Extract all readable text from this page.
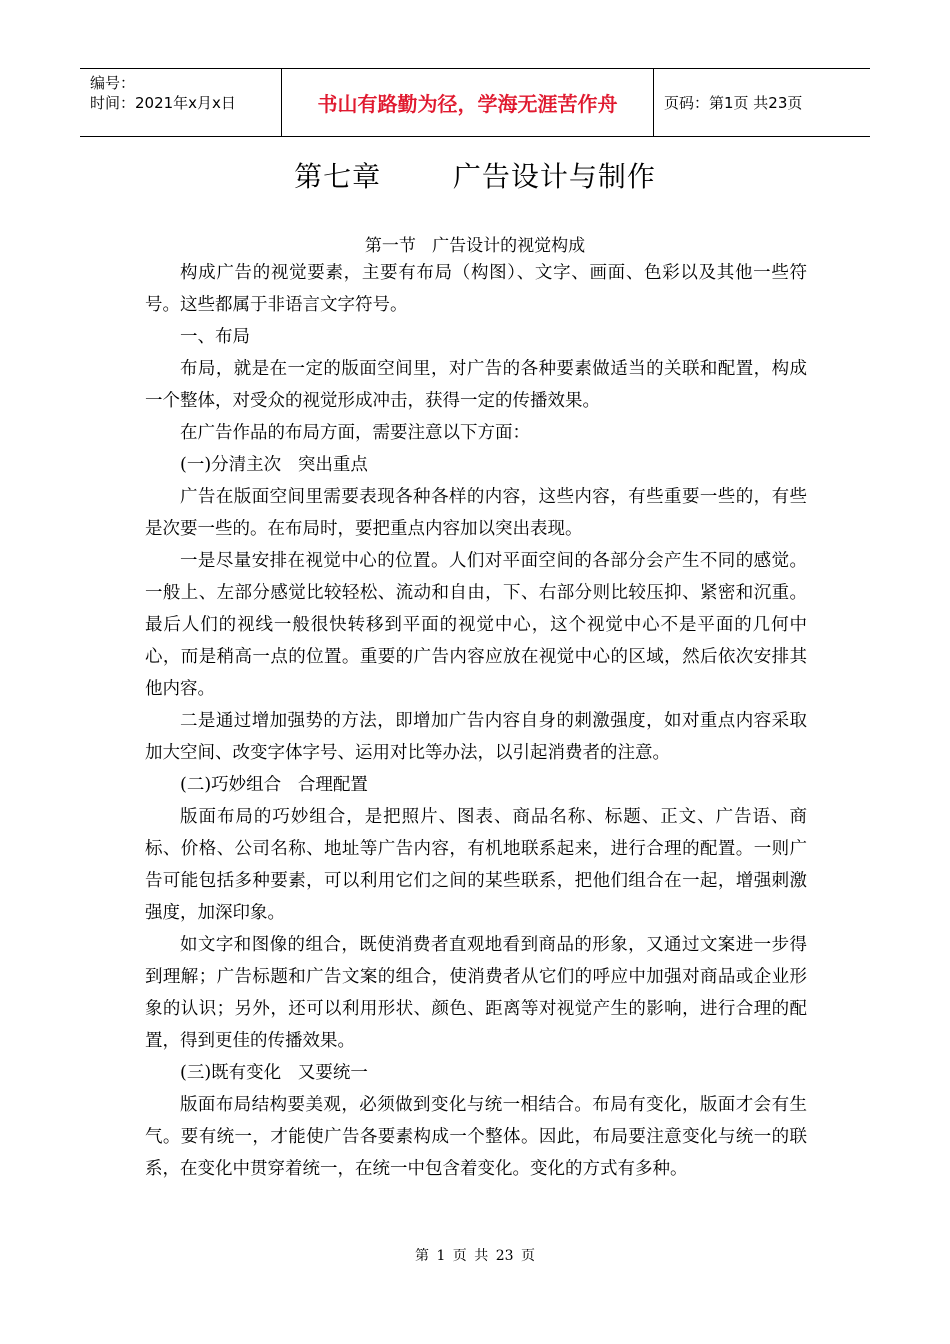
编号：
时间：2021年x月x日	书山有路勤为径，学海无涯苦作舟	页码：第1页 共23页
第七章   广告设计与制作
第一节   广告设计的视觉构成

构成广告的视觉要素，主要有布局（构图）、文字、画面、色彩以及其他一些符号。这些都属于非语言文字符号。

一、布局

布局，就是在一定的版面空间里，对广告的各种要素做适当的关联和配置，构成一个整体，对受众的视觉形成冲击，获得一定的传播效果。

在广告作品的布局方面，需要注意以下方面：

(一)分清主次   突出重点

广告在版面空间里需要表现各种各样的内容，这些内容，有些重要一些的，有些是次要一些的。在布局时，要把重点内容加以突出表现。

一是尽量安排在视觉中心的位置。人们对平面空间的各部分会产生不同的感觉。一般上、左部分感觉比较轻松、流动和自由，下、右部分则比较压抑、紧密和沉重。最后人们的视线一般很快转移到平面的视觉中心，这个视觉中心不是平面的几何中心，而是稍高一点的位置。重要的广告内容应放在视觉中心的区域，然后依次安排其他内容。

二是通过增加强势的方法，即增加广告内容自身的刺激强度，如对重点内容采取加大空间、改变字体字号、运用对比等办法，以引起消费者的注意。

(二)巧妙组合   合理配置

版面布局的巧妙组合，是把照片、图表、商品名称、标题、正文、广告语、商标、价格、公司名称、地址等广告内容，有机地联系起来，进行合理的配置。一则广告可能包括多种要素，可以利用它们之间的某些联系，把他们组合在一起，增强刺激强度，加深印象。

如文字和图像的组合，既使消费者直观地看到商品的形象，又通过文案进一步得到理解；广告标题和广告文案的组合，使消费者从它们的呼应中加强对商品或企业形象的认识；另外，还可以利用形状、颜色、距离等对视觉产生的影响，进行合理的配置，得到更佳的传播效果。

(三)既有变化   又要统一

版面布局结构要美观，必须做到变化与统一相结合。布局有变化，版面才会有生气。要有统一，才能使广告各要素构成一个整体。因此，布局要注意变化与统一的联系，在变化中贯穿着统一，在统一中包含着变化。变化的方式有多种。

第 1 页 共 23 页
